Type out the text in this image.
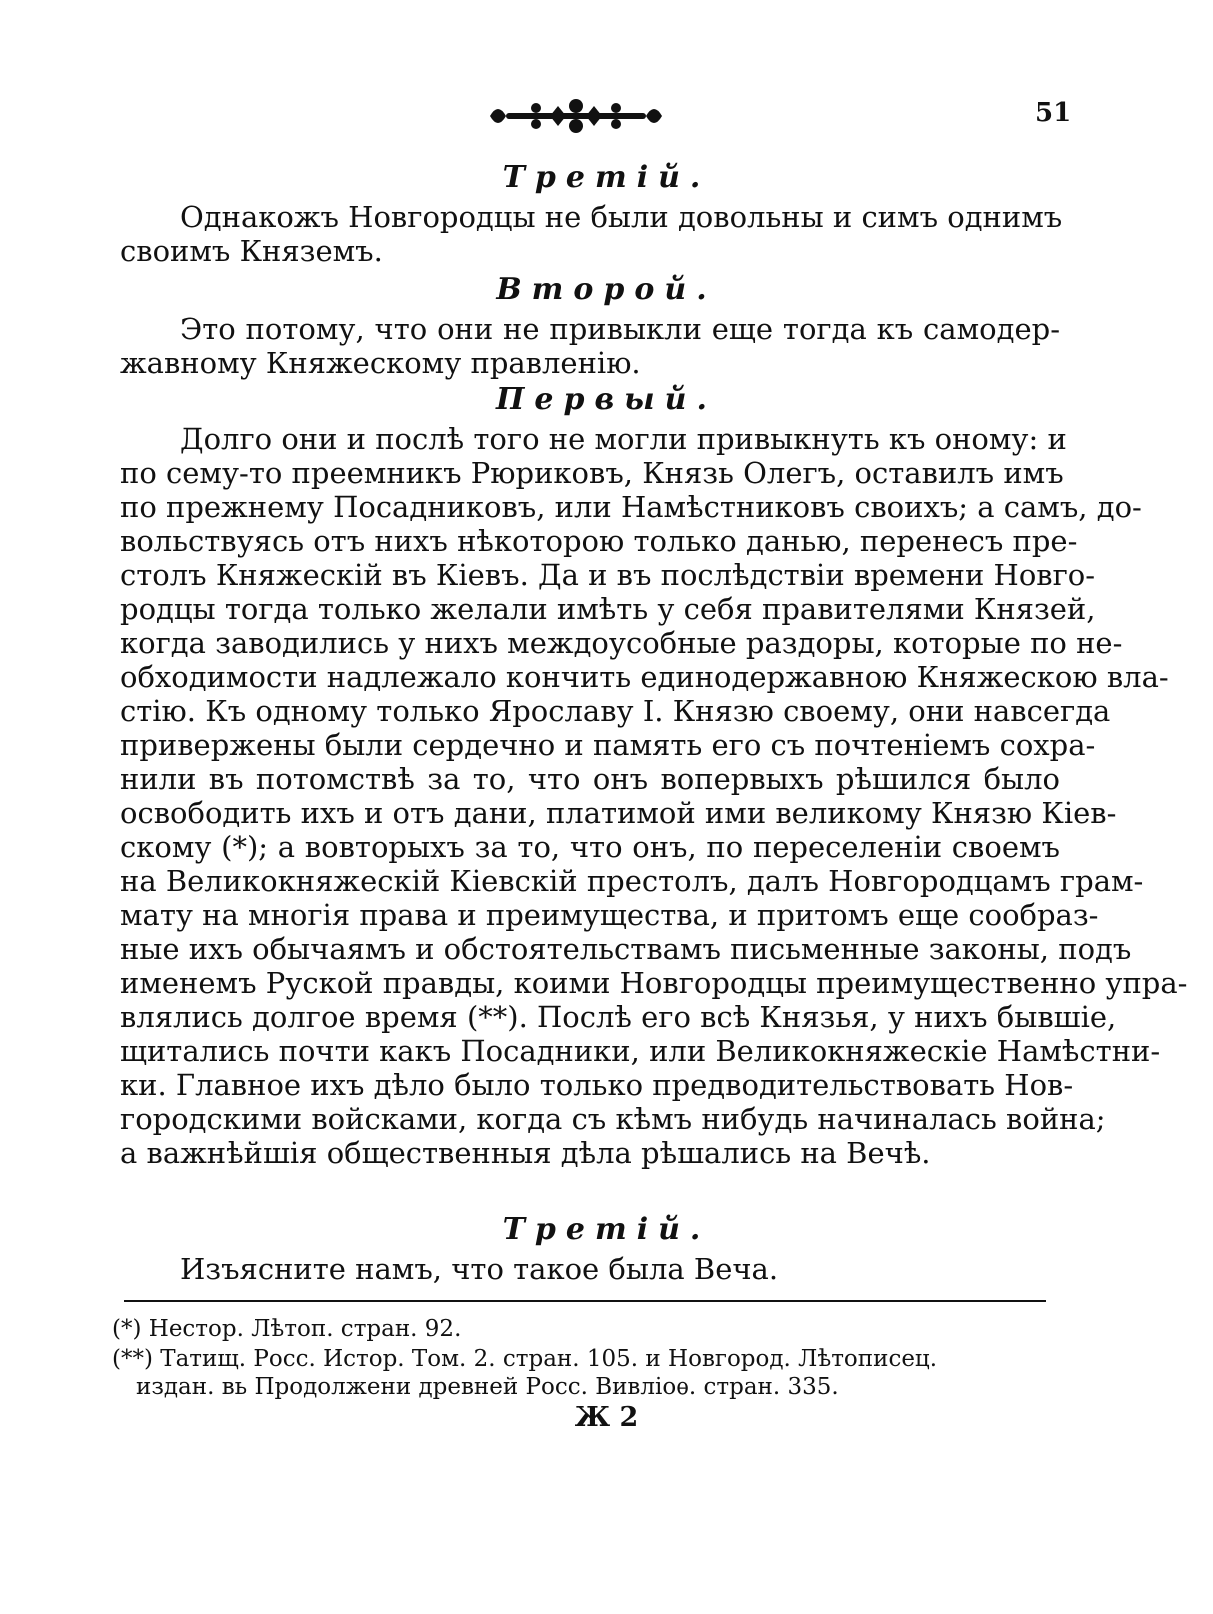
51
Третій.
Однакожъ Новгородцы не были довольны и симъ однимъ
своимъ Княземъ.
Второй.
Это потому, что они не привыкли еще тогда къ самодер-
жавному Княжескому правленію.
Первый.
Долго они и послѣ того не могли привыкнуть къ оному: и
по сему-то преемникъ Рюриковъ, Князь Олегъ, оставилъ имъ
по прежнему Посадниковъ, или Намѣстниковъ своихъ; а самъ, до-
вольствуясь отъ нихъ нѣкоторою только данью, перенесъ пре-
столъ Княжескій въ Кіевъ. Да и въ послѣдствіи времени Новго-
родцы тогда только желали имѣть у себя правителями Князей,
когда заводились у нихъ междоусобные раздоры, которые по не-
обходимости надлежало кончить единодержавною Княжескою вла-
стію. Къ одному только Ярославу І. Князю своему, они навсегда
привержены были сердечно и память его съ почтеніемъ сохра-
нили въ потомствѣ за то, что онъ вопервыхъ рѣшился было
освободить ихъ и отъ дани, платимой ими великому Князю Кіев-
скому (*); а вовторыхъ за то, что онъ, по переселеніи своемъ
на Великокняжескій Кіевскій престолъ, далъ Новгородцамъ грам-
мату на многія права и преимущества, и притомъ еще сообраз-
ные ихъ обычаямъ и обстоятельствамъ письменные законы, подъ
именемъ Руской правды, коими Новгородцы преимущественно упра-
влялись долгое время (**). Послѣ его всѣ Князья, у нихъ бывшіе,
щитались почти какъ Посадники, или Великокняжескіе Намѣстни-
ки. Главное ихъ дѣло было только предводительствовать Нов-
городскими войсками, когда съ кѣмъ нибудь начиналась война;
а важнѣйшія общественныя дѣла рѣшались на Вечѣ.
Третій.
Изъясните намъ, что такое была Веча.
(*) Нестор. Лѣтоп. стран. 92.
(**) Татищ. Росс. Истор. Том. 2. стран. 105. и Новгород. Лѣтописец.
издан. вь Продолжени древней Росс. Вивліоѳ. стран. 335.
Ж 2
